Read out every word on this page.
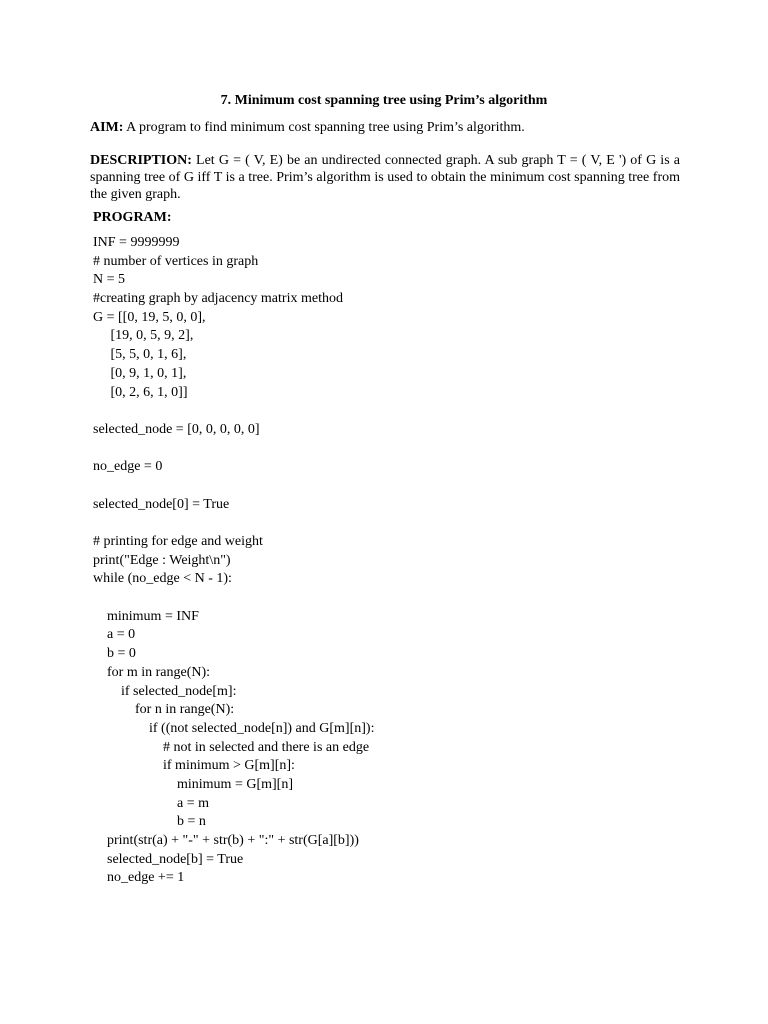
7. Minimum cost spanning tree using Prim’s algorithm
AIM: A program to find minimum cost spanning tree using Prim’s algorithm.
DESCRIPTION: Let G = ( V, E) be an undirected connected graph. A sub graph T = ( V, E ') of G is a spanning tree of G iff T is a tree. Prim’s algorithm is used to obtain the minimum cost spanning tree from the given graph.
PROGRAM:
INF = 9999999
# number of vertices in graph
N = 5
#creating graph by adjacency matrix method
G = [[0, 19, 5, 0, 0],
[19, 0, 5, 9, 2],
[5, 5, 0, 1, 6],
[0, 9, 1, 0, 1],
[0, 2, 6, 1, 0]]
selected_node = [0, 0, 0, 0, 0]
no_edge = 0
selected_node[0] = True
# printing for edge and weight
print("Edge : Weight\n")
while (no_edge < N - 1):
minimum = INF
a = 0
b = 0
for m in range(N):
if selected_node[m]:
for n in range(N):
if ((not selected_node[n]) and G[m][n]):
# not in selected and there is an edge
if minimum > G[m][n]:
minimum = G[m][n]
a = m
b = n
print(str(a) + "-" + str(b) + ":" + str(G[a][b]))
selected_node[b] = True
no_edge += 1
